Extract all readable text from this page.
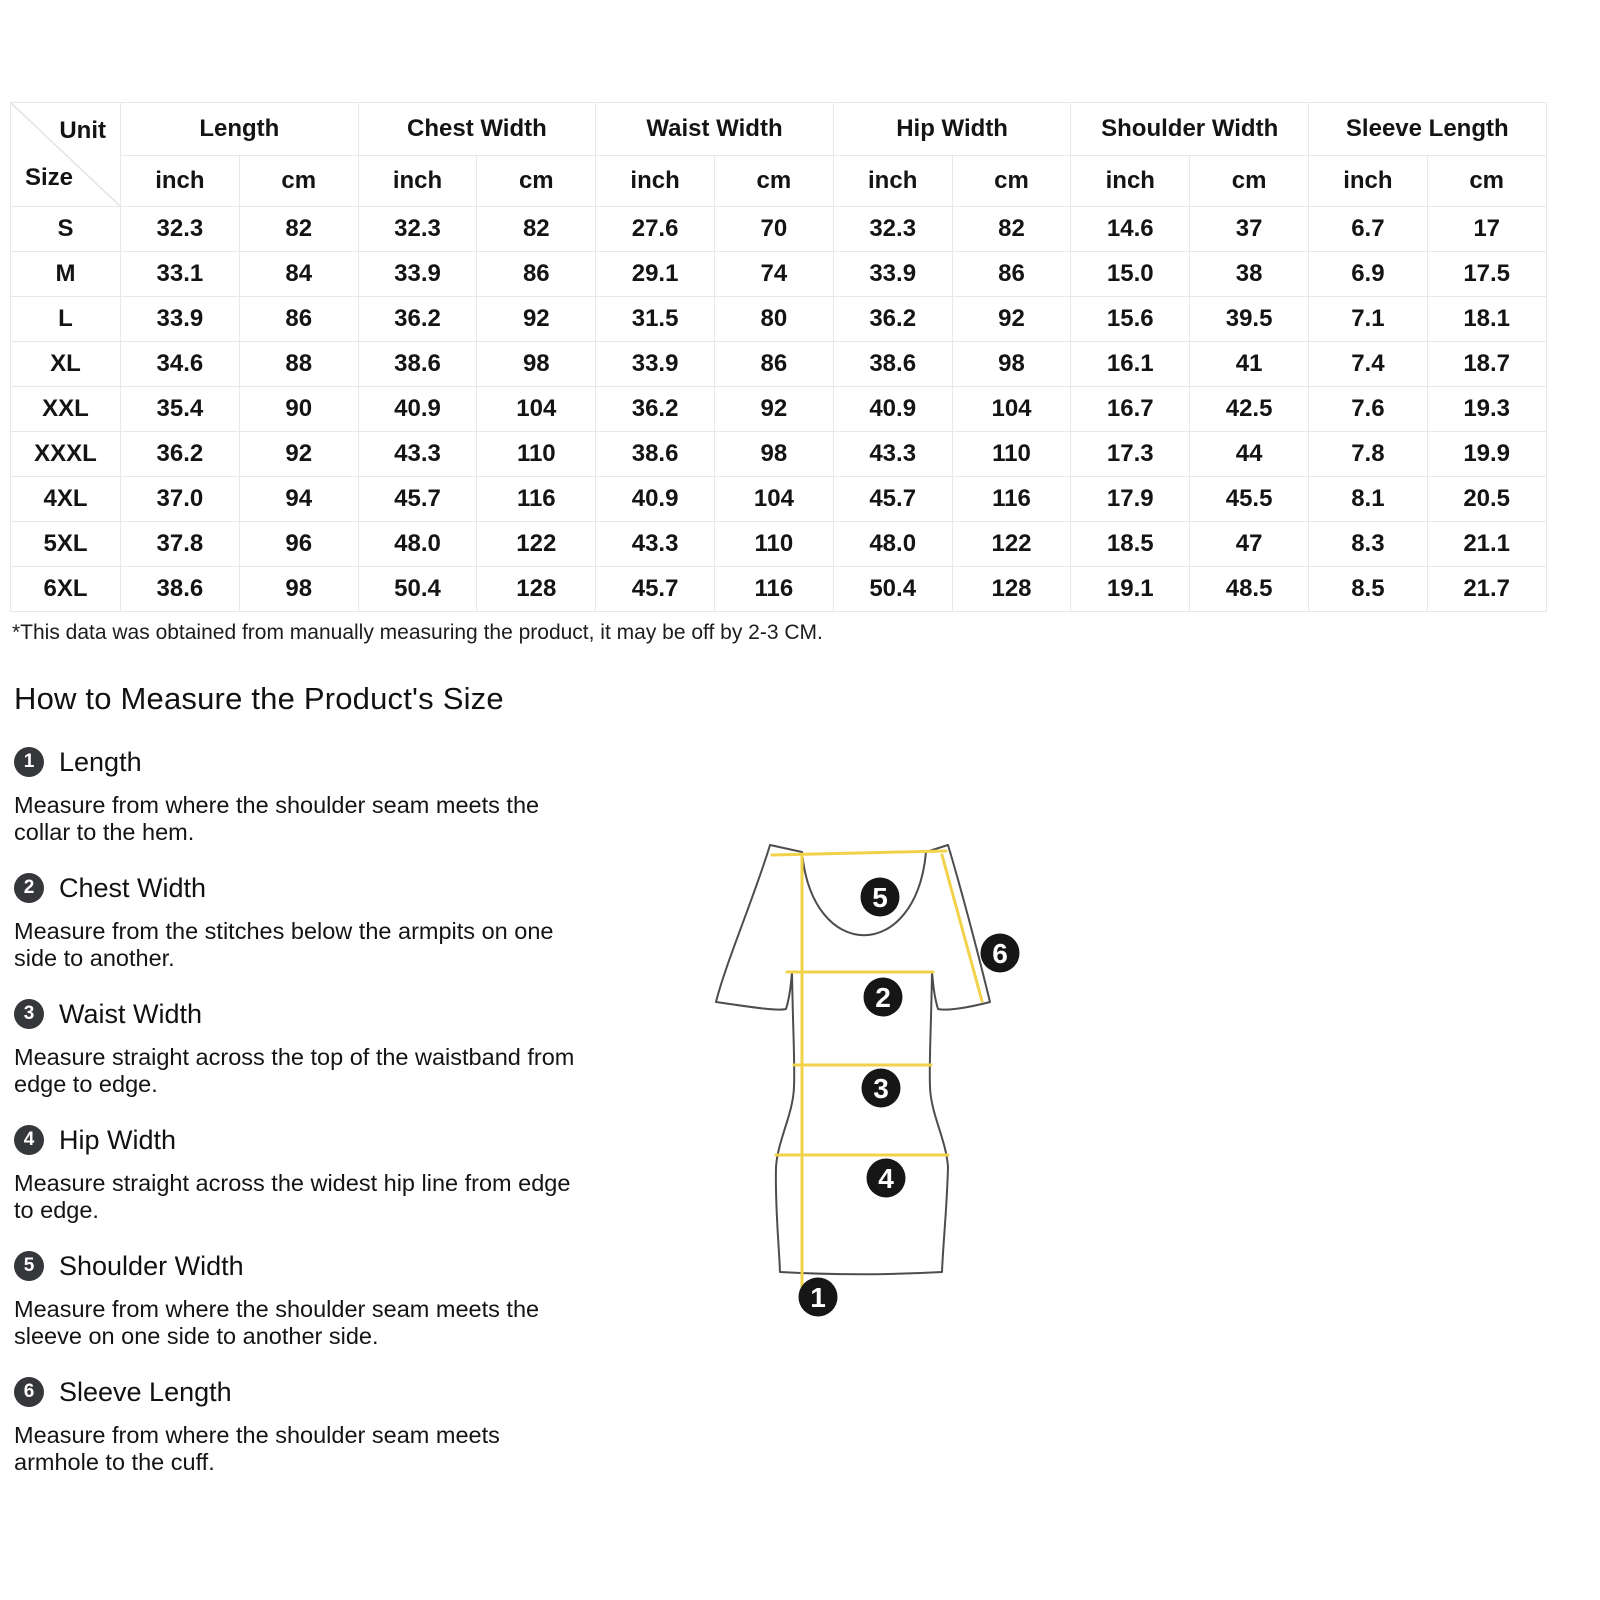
Unit
Size	Length		Chest Width		Waist Width		Hip Width		Shoulder Width		Sleeve Length	
	inch	cm	inch	cm	inch	cm	inch	cm	inch	cm	inch	cm
S	32.3	82	32.3	82	27.6	70	32.3	82	14.6	37	6.7	17
M	33.1	84	33.9	86	29.1	74	33.9	86	15.0	38	6.9	17.5
L	33.9	86	36.2	92	31.5	80	36.2	92	15.6	39.5	7.1	18.1
XL	34.6	88	38.6	98	33.9	86	38.6	98	16.1	41	7.4	18.7
XXL	35.4	90	40.9	104	36.2	92	40.9	104	16.7	42.5	7.6	19.3
XXXL	36.2	92	43.3	110	38.6	98	43.3	110	17.3	44	7.8	19.9
4XL	37.0	94	45.7	116	40.9	104	45.7	116	17.9	45.5	8.1	20.5
5XL	37.8	96	48.0	122	43.3	110	48.0	122	18.5	47	8.3	21.1
6XL	38.6	98	50.4	128	45.7	116	50.4	128	19.1	48.5	8.5	21.7

*This data was obtained from manually measuring the product, it may be off by 2-3 CM.

How to Measure the Product's Size
1 Length

Measure from where the shoulder seam meets the collar to the hem.

2 Chest Width

Measure from the stitches below the armpits on one side to another.

3 Waist Width

Measure straight across the top of the waistband from edge to edge.

4 Hip Width

Measure straight across the widest hip line from edge to edge.

5 Shoulder Width

Measure from where the shoulder seam meets the sleeve on one side to another side.

6 Sleeve Length

Measure from where the shoulder seam meets armhole to the cuff.

1
2
3
4
5
6
